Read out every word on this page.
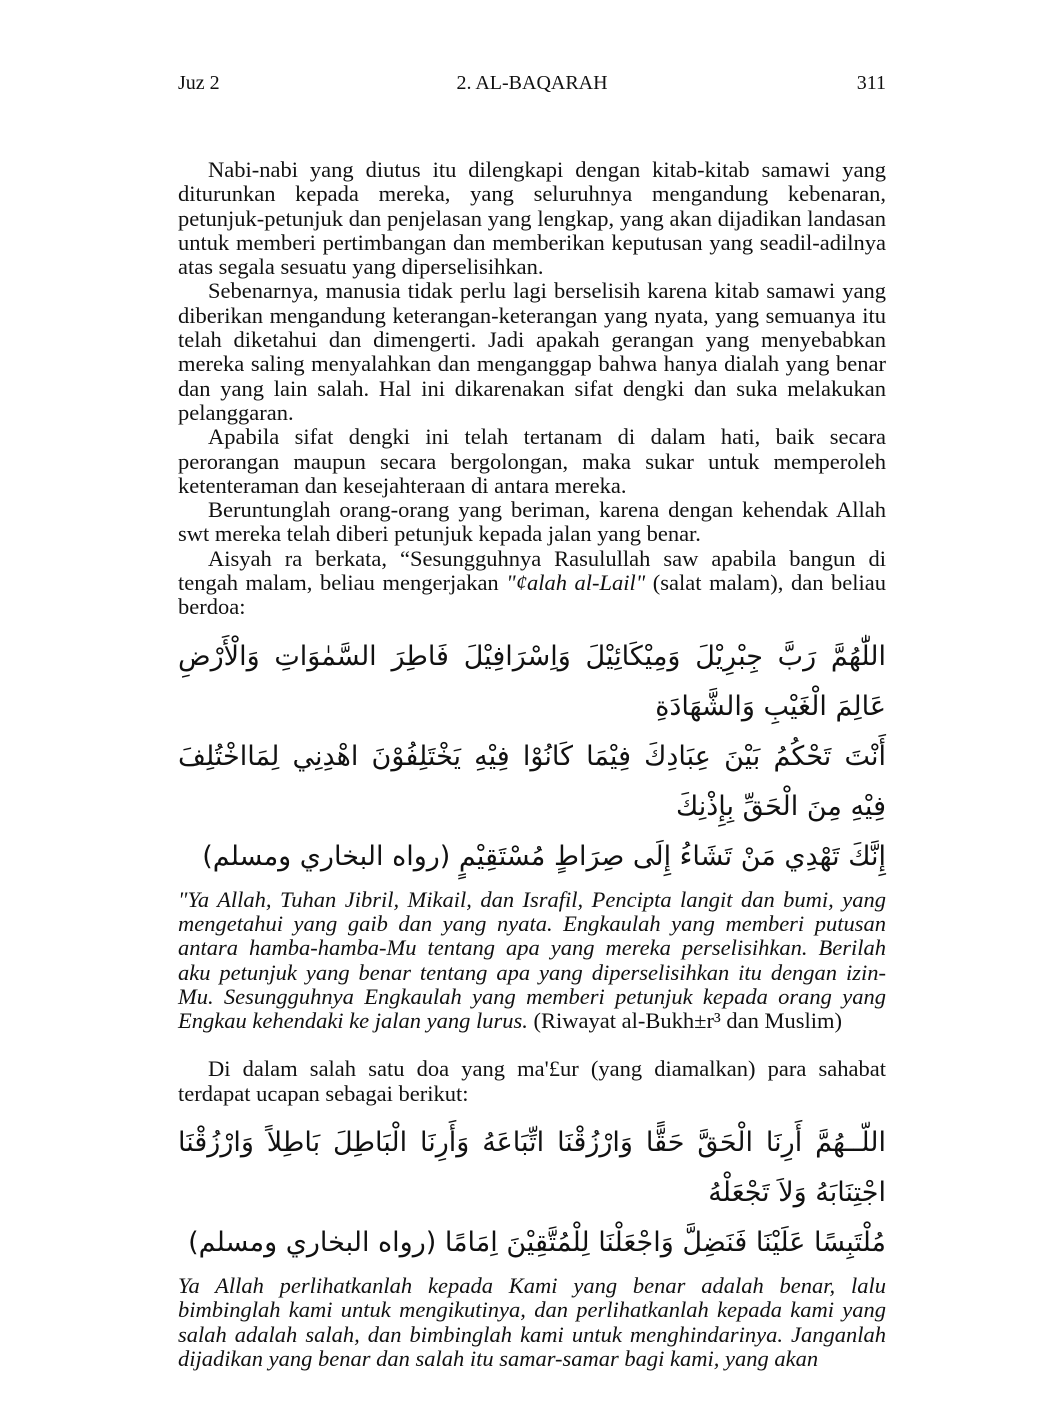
Juz 2	2. AL-BAQARAH	311

Nabi-nabi yang diutus itu dilengkapi dengan kitab-kitab samawi yang diturunkan kepada mereka, yang seluruhnya mengandung kebenaran, petunjuk-petunjuk dan penjelasan yang lengkap, yang akan dijadikan landasan untuk memberi pertimbangan dan memberikan keputusan yang seadil-adilnya atas segala sesuatu yang diperselisihkan.

Sebenarnya, manusia tidak perlu lagi berselisih karena kitab samawi yang diberikan mengandung keterangan-keterangan yang nyata, yang semuanya itu telah diketahui dan dimengerti. Jadi apakah gerangan yang menyebabkan mereka saling menyalahkan dan menganggap bahwa hanya dialah yang benar dan yang lain salah. Hal ini dikarenakan sifat dengki dan suka melakukan pelanggaran.

Apabila sifat dengki ini telah tertanam di dalam hati, baik secara perorangan maupun secara bergolongan, maka sukar untuk memperoleh ketenteraman dan kesejahteraan di antara mereka.

Beruntunglah orang-orang yang beriman, karena dengan kehendak Allah swt mereka telah diberi petunjuk kepada jalan yang benar.

Aisyah ra berkata, “Sesungguhnya Rasulullah saw apabila bangun di tengah malam, beliau mengerjakan "¢alah al-Lail" (salat malam), dan beliau berdoa:

اللّٰهُمَّ رَبَّ جِبْرِيْلَ وَمِيْكَائِيْلَ وَاِسْرَافِيْلَ فَاطِرَ السَّمٰوَاتِ وَالْأَرْضِ عَالِمَ الْغَيْبِ وَالشَّهَادَةِ
أَنْتَ تَحْكُمُ بَيْنَ عِبَادِكَ فِيْمَا كَانُوْا فِيْهِ يَخْتَلِفُوْنَ اهْدِنِي لِمَااخْتُلِفَ فِيْهِ مِنَ الْحَقِّ بِإِذْنِكَ
إِنَّكَ تَهْدِي مَنْ تَشَاءُ إِلَى صِرَاطٍ مُسْتَقِيْمٍ (رواه البخاري ومسلم)

"Ya Allah, Tuhan Jibril, Mikail, dan Israfil, Pencipta langit dan bumi, yang mengetahui yang gaib dan yang nyata. Engkaulah yang memberi putusan antara hamba-hamba-Mu tentang apa yang mereka perselisihkan. Berilah aku petunjuk yang benar tentang apa yang diperselisihkan itu dengan izin-Mu. Sesungguhnya Engkaulah yang memberi petunjuk kepada orang yang Engkau kehendaki ke jalan yang lurus. (Riwayat al-Bukh±r³ dan Muslim)

Di dalam salah satu doa yang ma'£ur (yang diamalkan) para sahabat terdapat ucapan sebagai berikut:

اللّــهُمَّ أَرِنَا الْحَقَّ حَقًّا وَارْزُقْنَا اتِّبَاعَهُ وَأَرِنَا الْبَاطِلَ بَاطِلاً وَارْزُقْنَا اجْتِنَابَهُ وَلاَ تَجْعَلْهُ
مُلْتَبِسًا عَلَيْنَا فَنَضِلَّ وَاجْعَلْنَا لِلْمُتَّقِيْنَ اِمَامًا (رواه البخاري ومسلم)

Ya Allah perlihatkanlah kepada Kami yang benar adalah benar, lalu bimbinglah kami untuk mengikutinya, dan perlihatkanlah kepada kami yang salah adalah salah, dan bimbinglah kami untuk menghindarinya. Janganlah dijadikan yang benar dan salah itu samar-samar bagi kami, yang akan
